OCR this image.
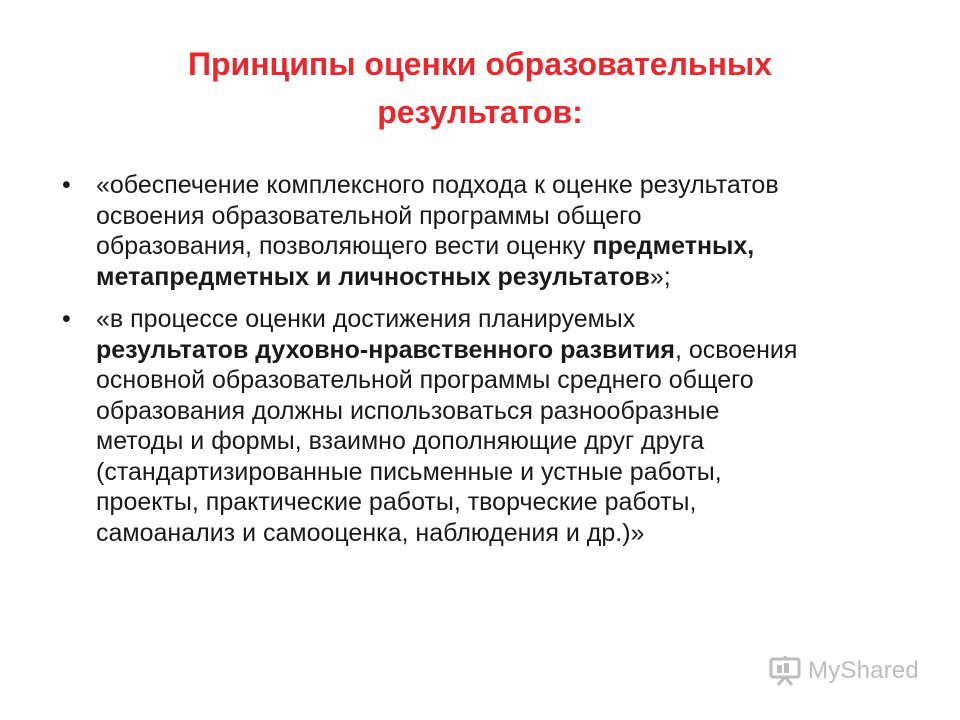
Принципы оценки образовательных
результатов:
• «обеспечение комплексного подхода к оценке результатов
освоения образовательной программы общего
образования, позволяющего вести оценку предметных,
метапредметных и личностных результатов»;
• «в процессе оценки достижения планируемых
результатов духовно-нравственного развития, освоения
основной образовательной программы среднего общего
образования должны использоваться разнообразные
методы и формы, взаимно дополняющие друг друга
(стандартизированные письменные и устные работы,
проекты, практические работы, творческие работы,
самоанализ и самооценка, наблюдения и др.)»
MyShared
